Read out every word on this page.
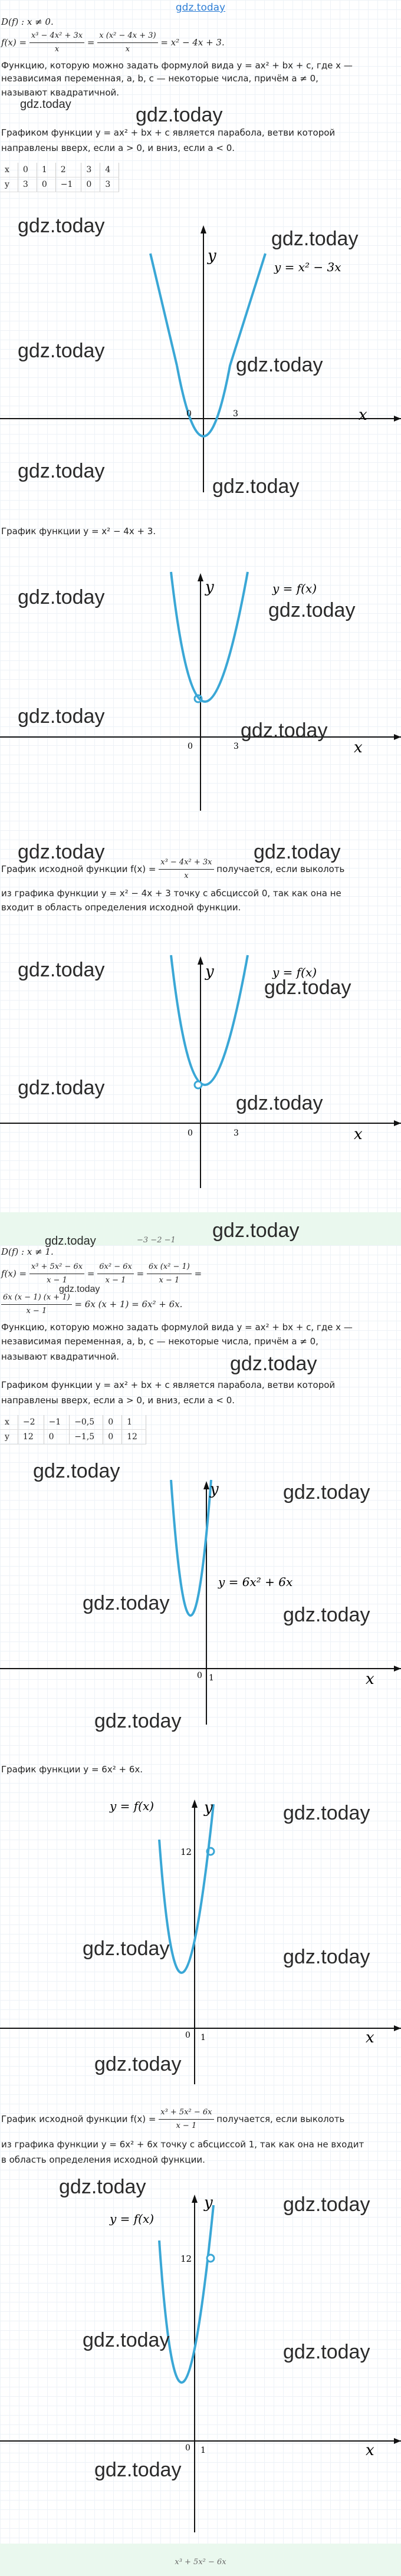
gdz.today
D(f) : x ≠ 0.
$f(x) = \frac{\text{x³ − 4x² + 3x}}{x} = \frac{\text{x (x² − 4x + 3)}}{x} = x^2 - 4x + 3$.
Функцию, которую можно задать формулой вида y = ax² + bx + c, где x —
независимая переменная, a, b, c — некоторые числа, причём a ≠ 0,
называют квадратичной.
gdz.today	gdz.today
Графиком функции y = ax² + bx + c является парабола, ветви которой
направлены вверх, если a > 0, и вниз, если a < 0.
x	0	1	2	3	4
y	3	0	−1	0	3
x
y
0	3
y = x² − 3x
gdz.today
gdz.today
gdz.today
gdz.today
gdz.today
gdz.today
График функции y = x² − 4x + 3.
x
y
0	3
y = f(x)
gdz.today
gdz.today
gdz.today
gdz.today
gdz.today
График исходной функции $f(x) = \frac{\text{x³ − 4x² + 3x}}{x}$ получается, если выколоть
gdz.today
из графика функции y = x² − 4x + 3 точку с абсциссой 0, так как она не
входит в область определения исходной функции.
x
y
0	3
y = f(x)
gdz.today
gdz.today
gdz.today
gdz.today
gdz.today	−3 −2 −1 gdz.today
D(f) : x ≠ 1.
$f(x) = \frac{\text{x³ + 5x² − 6x}}{x - 1} = \frac{\text{6x² − 6x}}{x - 1} = \frac{\text{6x (x² − 1)}}{x - 1}$ =
$\frac{6x (x - 1) (x + 1)}{x - 1} = 6x$ (x + 1) = 6x² + 6x.
gdz.today
Функцию, которую можно задать формулой вида y = ax² + bx + c, где x —
независимая переменная, a, b, c — некоторые числа, причём a ≠ 0,
называют квадратичной.	gdz.today
Графиком функции y = ax² + bx + c является парабола, ветви которой
направлены вверх, если a > 0, и вниз, если a < 0.
x	−2	−1	−0,5	0	1
y	12	0	−1,5	0	12
gdz.today
x
y
0 1
y = 6x² + 6x
gdz.today
gdz.today
gdz.today
gdz.today
График функции y = 6x² + 6x.
x
y
0 1
12
y = f(x)	gdz.today
gdz.today	gdz.today
gdz.today
График исходной функции $f(x) = \frac{\text{x³ + 5x² − 6x}}{x - 1}$ получается, если выколоть
из графика функции y = 6x² + 6x точку с абсциссой 1, так как она не входит
в область определения исходной функции.
x
y
0 1
12
y = f(x)
gdz.today
gdz.today
gdz.today
gdz.today
gdz.today
x³ + 5x² − 6x
